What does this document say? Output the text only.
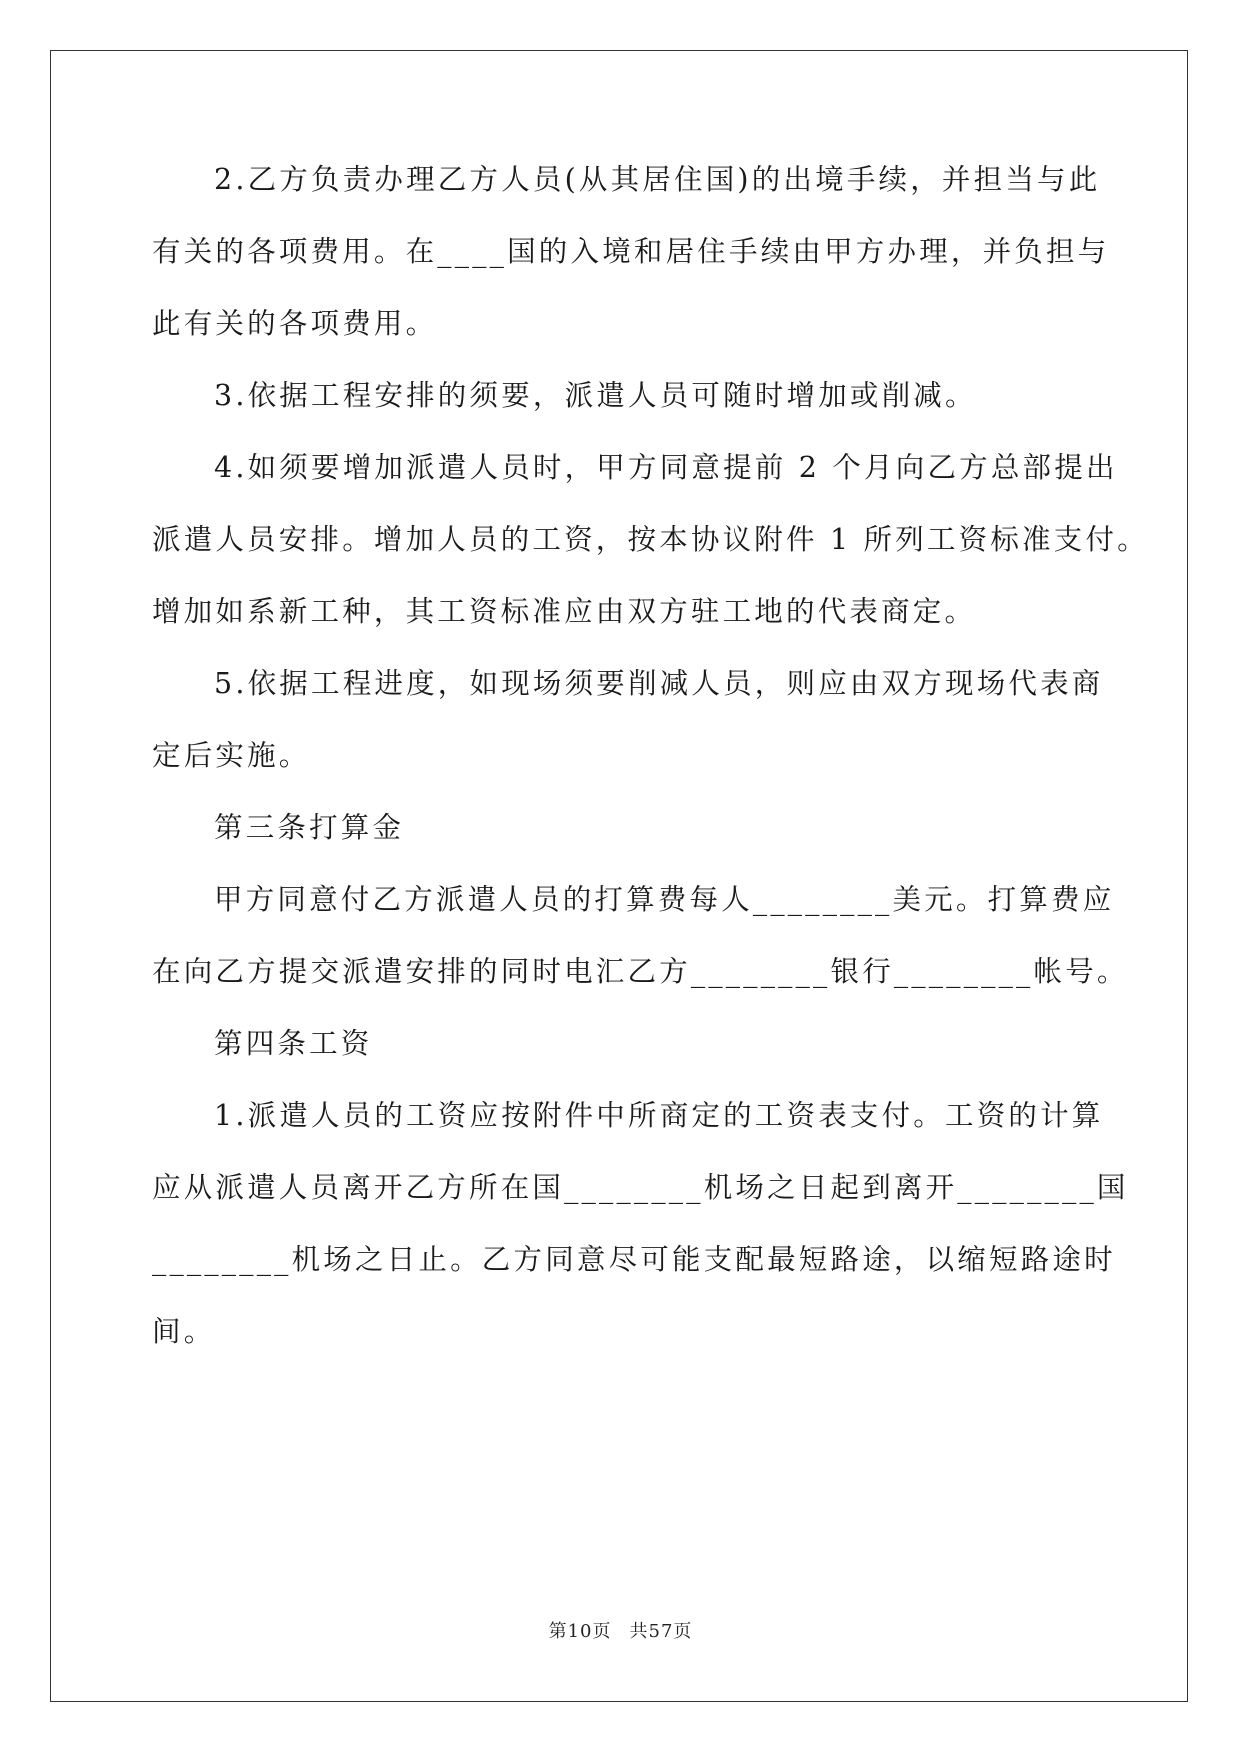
2.乙方负责办理乙方人员(从其居住国)的出境手续，并担当与此
有关的各项费用。在____国的入境和居住手续由甲方办理，并负担与
此有关的各项费用。
3.依据工程安排的须要，派遣人员可随时增加或削减。
4.如须要增加派遣人员时，甲方同意提前 2 个月向乙方总部提出
派遣人员安排。增加人员的工资，按本协议附件 1 所列工资标准支付。
增加如系新工种，其工资标准应由双方驻工地的代表商定。
5.依据工程进度，如现场须要削减人员，则应由双方现场代表商
定后实施。
第三条打算金
甲方同意付乙方派遣人员的打算费每人________美元。打算费应
在向乙方提交派遣安排的同时电汇乙方________银行________帐号。
第四条工资
1.派遣人员的工资应按附件中所商定的工资表支付。工资的计算
应从派遣人员离开乙方所在国________机场之日起到离开________国
________机场之日止。乙方同意尽可能支配最短路途，以缩短路途时
间。
第10页 共57页
